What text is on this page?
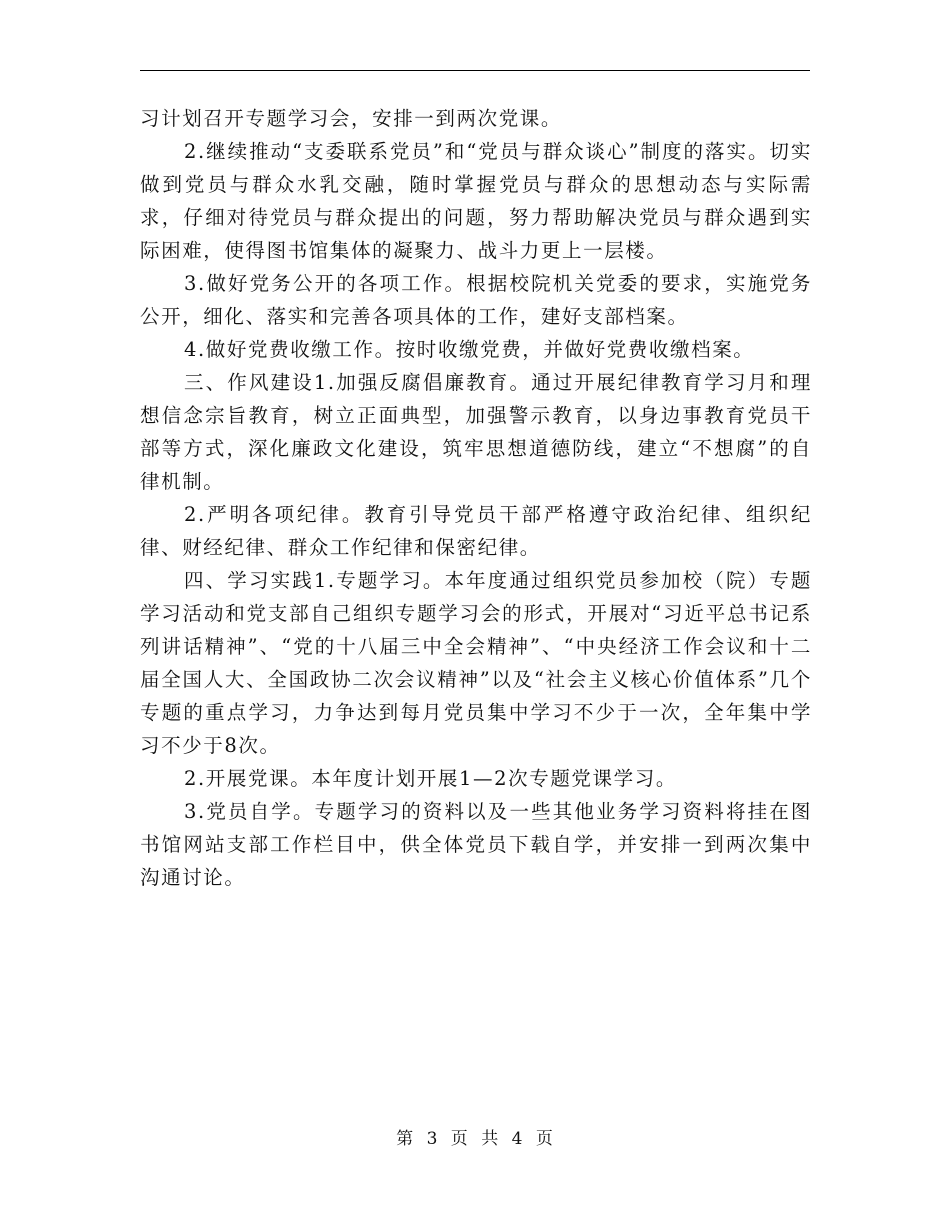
习计划召开专题学习会，安排一到两次党课。

2.继续推动“支委联系党员”和“党员与群众谈心”制度的落实。切实做到党员与群众水乳交融，随时掌握党员与群众的思想动态与实际需求，仔细对待党员与群众提出的问题，努力帮助解决党员与群众遇到实际困难，使得图书馆集体的凝聚力、战斗力更上一层楼。

3.做好党务公开的各项工作。根据校院机关党委的要求，实施党务公开，细化、落实和完善各项具体的工作，建好支部档案。

4.做好党费收缴工作。按时收缴党费，并做好党费收缴档案。

三、作风建设1.加强反腐倡廉教育。通过开展纪律教育学习月和理想信念宗旨教育，树立正面典型，加强警示教育，以身边事教育党员干部等方式，深化廉政文化建设，筑牢思想道德防线，建立“不想腐”的自律机制。

2.严明各项纪律。教育引导党员干部严格遵守政治纪律、组织纪律、财经纪律、群众工作纪律和保密纪律。

四、学习实践1.专题学习。本年度通过组织党员参加校（院）专题学习活动和党支部自己组织专题学习会的形式，开展对“习近平总书记系列讲话精神”、“党的十八届三中全会精神”、“中央经济工作会议和十二届全国人大、全国政协二次会议精神”以及“社会主义核心价值体系”几个专题的重点学习，力争达到每月党员集中学习不少于一次，全年集中学习不少于8次。

2.开展党课。本年度计划开展1—2次专题党课学习。

3.党员自学。专题学习的资料以及一些其他业务学习资料将挂在图书馆网站支部工作栏目中，供全体党员下载自学，并安排一到两次集中沟通讨论。

第 3 页 共 4 页
